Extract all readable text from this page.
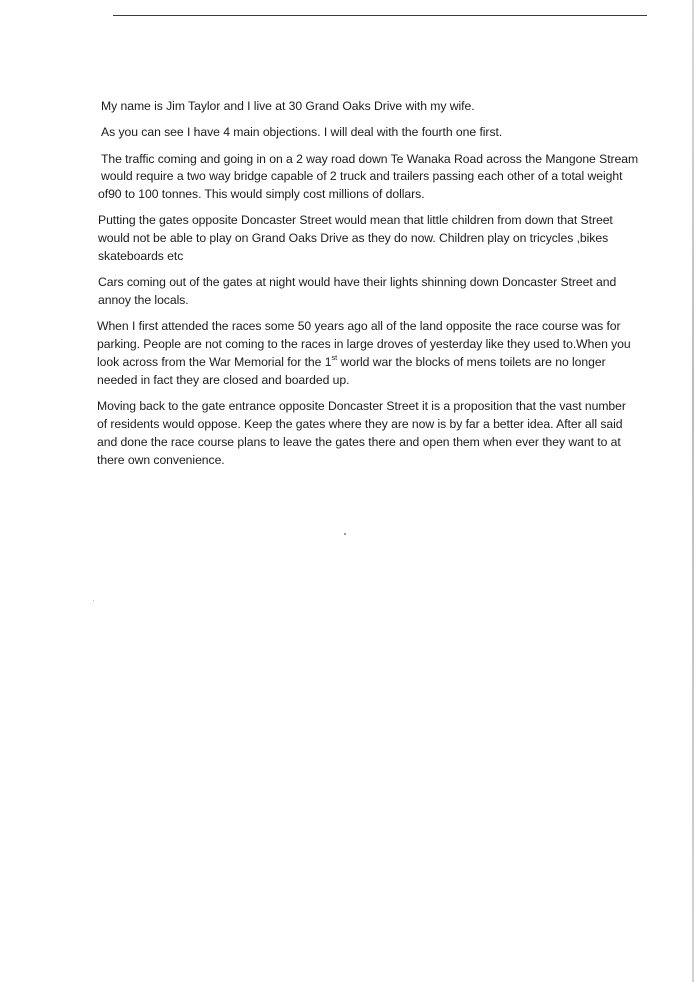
My name is Jim Taylor and I live at 30 Grand Oaks Drive with my wife.

As you can see I have 4 main objections. I will deal with the fourth one first.

The traffic coming and going in on a 2 way road down Te Wanaka Road across the Mangone Stream
would require a two way bridge capable of 2 truck and trailers passing each other of a total weight
of90 to 100 tonnes. This would simply cost millions of dollars.

Putting the gates opposite Doncaster Street would mean that little children from down that Street
would not be able to play on Grand Oaks Drive as they do now. Children play on tricycles ,bikes
skateboards etc

Cars coming out of the gates at night would have their lights shinning down Doncaster Street and
annoy the locals.

When I first attended the races some 50 years ago all of the land opposite the race course was for
parking. People are not coming to the races in large droves of yesterday like they used to.When you
look across from the War Memorial for the 1st world war the blocks of mens toilets are no longer
needed in fact they are closed and boarded up.

Moving back to the gate entrance opposite Doncaster Street it is a proposition that the vast number
of residents would oppose. Keep the gates where they are now is by far a better idea. After all said
and done the race course plans to leave the gates there and open them when ever they want to at
there own convenience.
